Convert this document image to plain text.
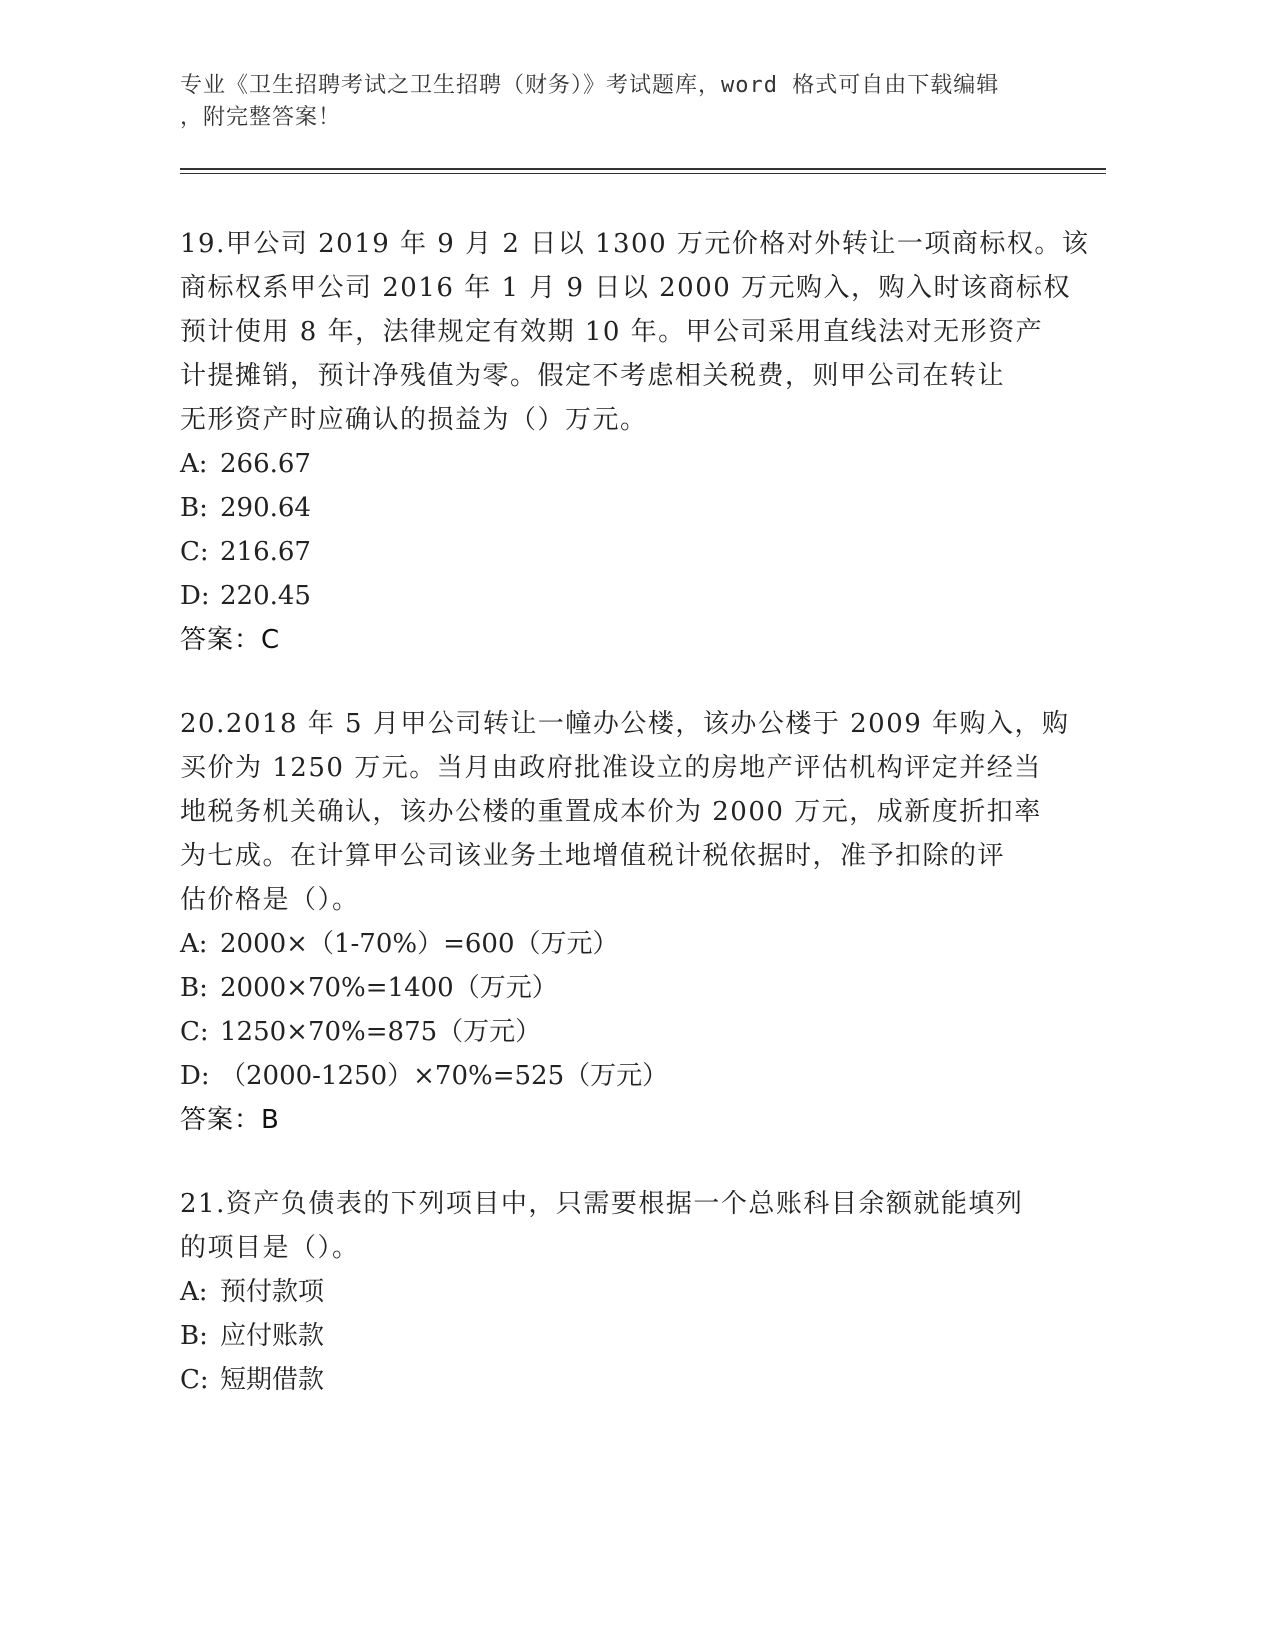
专业《卫生招聘考试之卫生招聘（财务）》考试题库，word 格式可自由下载编辑
，附完整答案！
19.甲公司 2019 年 9 月 2 日以 1300 万元价格对外转让一项商标权。该
商标权系甲公司 2016 年 1 月 9 日以 2000 万元购入，购入时该商标权
预计使用 8 年，法律规定有效期 10 年。甲公司采用直线法对无形资产
计提摊销，预计净残值为零。假定不考虑相关税费，则甲公司在转让
无形资产时应确认的损益为（）万元。
A: 266.67
B: 290.64
C: 216.67
D: 220.45
答案：C
20.2018 年 5 月甲公司转让一幢办公楼，该办公楼于 2009 年购入，购
买价为 1250 万元。当月由政府批准设立的房地产评估机构评定并经当
地税务机关确认，该办公楼的重置成本价为 2000 万元，成新度折扣率
为七成。在计算甲公司该业务土地增值税计税依据时，准予扣除的评
估价格是（）。
A: 2000×（1-70%）=600（万元）
B: 2000×70%=1400（万元）
C: 1250×70%=875（万元）
D: （2000-1250）×70%=525（万元）
答案：B
21.资产负债表的下列项目中，只需要根据一个总账科目余额就能填列
的项目是（）。
A: 预付款项
B: 应付账款
C: 短期借款
